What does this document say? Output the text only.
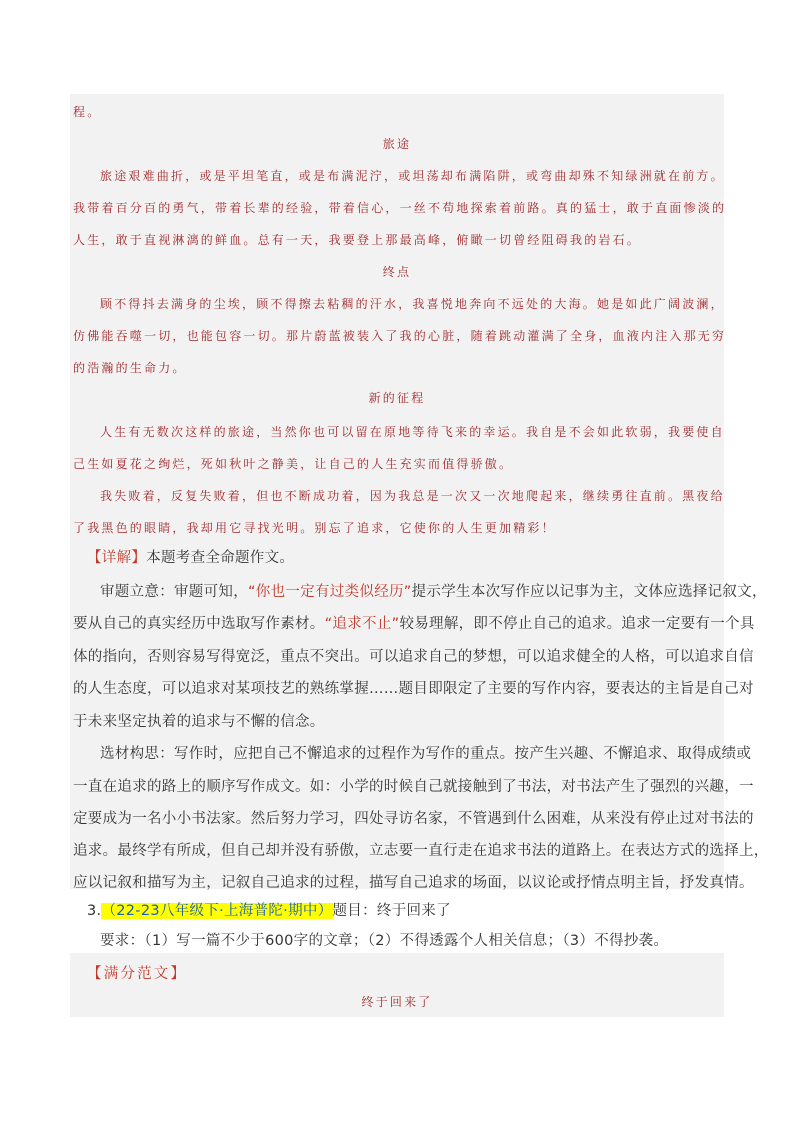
程。
旅途
旅途艰难曲折，或是平坦笔直，或是布满泥泞，或坦荡却布满陷阱，或弯曲却殊不知绿洲就在前方。
我带着百分百的勇气，带着长辈的经验，带着信心，一丝不苟地探索着前路。真的猛士，敢于直面惨淡的
人生，敢于直视淋漓的鲜血。总有一天，我要登上那最高峰，俯瞰一切曾经阻碍我的岩石。
终点
顾不得抖去满身的尘埃，顾不得擦去粘稠的汗水，我喜悦地奔向不远处的大海。她是如此广阔波澜，
仿佛能吞噬一切，也能包容一切。那片蔚蓝被装入了我的心脏，随着跳动灌满了全身，血液内注入那无穷
的浩瀚的生命力。
新的征程
人生有无数次这样的旅途，当然你也可以留在原地等待飞来的幸运。我自是不会如此软弱，我要使自
己生如夏花之绚烂，死如秋叶之静美，让自己的人生充实而值得骄傲。
我失败着，反复失败着，但也不断成功着，因为我总是一次又一次地爬起来，继续勇往直前。黑夜给
了我黑色的眼睛，我却用它寻找光明。别忘了追求，它使你的人生更加精彩！
【详解】本题考查全命题作文。
审题立意：审题可知，“你也一定有过类似经历”提示学生本次写作应以记事为主，文体应选择记叙文，
要从自己的真实经历中选取写作素材。“追求不止”较易理解，即不停止自己的追求。追求一定要有一个具
体的指向，否则容易写得宽泛，重点不突出。可以追求自己的梦想，可以追求健全的人格，可以追求自信
的人生态度，可以追求对某项技艺的熟练掌握……题目即限定了主要的写作内容，要表达的主旨是自己对
于未来坚定执着的追求与不懈的信念。
选材构思：写作时，应把自己不懈追求的过程作为写作的重点。按产生兴趣、不懈追求、取得成绩或
一直在追求的路上的顺序写作成文。如：小学的时候自己就接触到了书法，对书法产生了强烈的兴趣，一
定要成为一名小小书法家。然后努力学习，四处寻访名家，不管遇到什么困难，从来没有停止过对书法的
追求。最终学有所成，但自己却并没有骄傲，立志要一直行走在追求书法的道路上。在表达方式的选择上，
应以记叙和描写为主，记叙自己追求的过程，描写自己追求的场面，以议论或抒情点明主旨，抒发真情。
3.（22-23八年级下·上海普陀·期中）题目：终于回来了
要求：（1）写一篇不少于600字的文章；（2）不得透露个人相关信息；（3）不得抄袭。
【满分范文】
终于回来了
